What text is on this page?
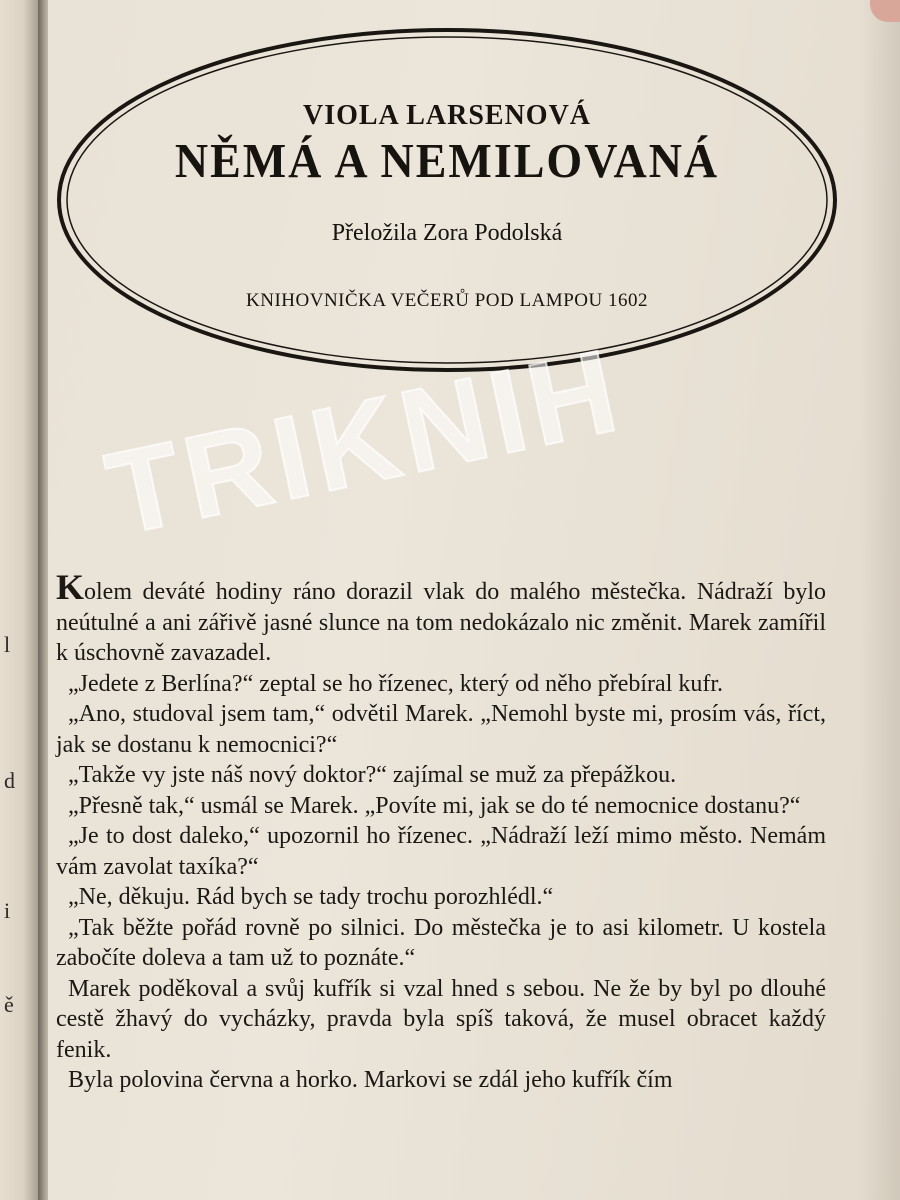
l
d
i
ě
VIOLA LARSENOVÁ
NĚMÁ A NEMILOVANÁ
Přeložila Zora Podolská
KNIHOVNIČKA VEČERŮ POD LAMPOU 1602
TRIKNIH

Kolem deváté hodiny ráno dorazil vlak do malého městečka. Nádraží bylo neútulné a ani zářivě jasné slunce na tom nedokázalo nic změnit. Marek zamířil k úschovně zavazadel.

„Jedete z Berlína?“ zeptal se ho řízenec, který od něho přebíral kufr.

„Ano, studoval jsem tam,“ odvětil Marek. „Nemohl byste mi, prosím vás, říct, jak se dostanu k nemocnici?“

„Takže vy jste náš nový doktor?“ zajímal se muž za přepážkou.

„Přesně tak,“ usmál se Marek. „Povíte mi, jak se do té nemocnice dostanu?“

„Je to dost daleko,“ upozornil ho řízenec. „Nádraží leží mimo město. Nemám vám zavolat taxíka?“

„Ne, děkuju. Rád bych se tady trochu porozhlédl.“

„Tak běžte pořád rovně po silnici. Do městečka je to asi kilometr. U kostela zabočíte doleva a tam už to poznáte.“

Marek poděkoval a svůj kufřík si vzal hned s sebou. Ne že by byl po dlouhé cestě žhavý do vycházky, pravda byla spíš taková, že musel obracet každý fenik.

Byla polovina června a horko. Markovi se zdál jeho kufřík čím
